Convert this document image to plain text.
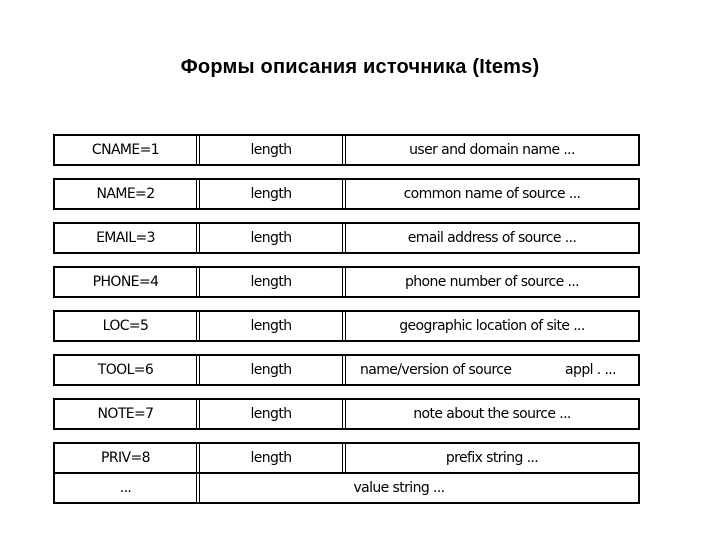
Формы описания источника (Items)
CNAME=1	length	user and domain name ...
NAME=2	length	common name of source ...
EMAIL=3	length	email address of source ...
PHONE=4	length	phone number of source ...
LOC=5	length	geographic location of site ...
TOOL=6	length	name/version of source	appl . ...
NOTE=7	length	note about the source ...
PRIV=8	length	prefix string ...
...	value string ...
